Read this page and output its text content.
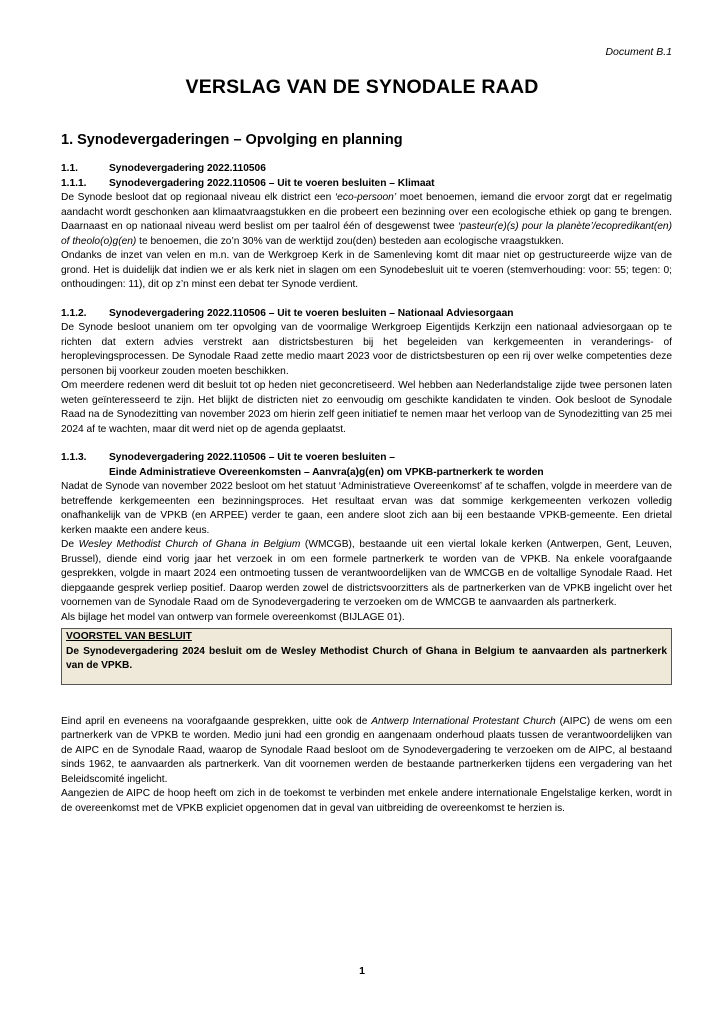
Document B.1
VERSLAG VAN DE SYNODALE RAAD
1. Synodevergaderingen – Opvolging en planning
1.1.	Synodevergadering 2022.110506
1.1.1.	Synodevergadering 2022.110506 – Uit te voeren besluiten – Klimaat

De Synode besloot dat op regionaal niveau elk district een ‘eco-persoon’ moet benoemen, iemand die ervoor zorgt dat er regelmatig aandacht wordt geschonken aan klimaatvraagstukken en die probeert een bezinning over een ecologische ethiek op gang te brengen. Daarnaast en op nationaal niveau werd beslist om per taalrol één of desgewenst twee ‘pasteur(e)(s) pour la planète’/ecopredikant(en) of theolo(o)g(en) te benoemen, die zo’n 30% van de werktijd zou(den) besteden aan ecologische vraagstukken.

Ondanks de inzet van velen en m.n. van de Werkgroep Kerk in de Samenleving komt dit maar niet op gestructureerde wijze van de grond. Het is duidelijk dat indien we er als kerk niet in slagen om een Synodebesluit uit te voeren (stemverhouding: voor: 55; tegen: 0; onthoudingen: 11), dit op z’n minst een debat ter Synode verdient.

1.1.2.	Synodevergadering 2022.110506 – Uit te voeren besluiten – Nationaal Adviesorgaan

De Synode besloot unaniem om ter opvolging van de voormalige Werkgroep Eigentijds Kerkzijn een nationaal adviesorgaan op te richten dat extern advies verstrekt aan districtsbesturen bij het begeleiden van kerkgemeenten in veranderings- of heroplevingsprocessen. De Synodale Raad zette medio maart 2023 voor de districtsbesturen op een rij over welke competenties deze personen bij voorkeur zouden moeten beschikken.

Om meerdere redenen werd dit besluit tot op heden niet geconcretiseerd. Wel hebben aan Nederlandstalige zijde twee personen laten weten geïnteresseerd te zijn. Het blijkt de districten niet zo eenvoudig om geschikte kandidaten te vinden. Ook besloot de Synodale Raad na de Synodezitting van november 2023 om hierin zelf geen initiatief te nemen maar het verloop van de Synodezitting van 25 mei 2024 af te wachten, maar dit werd niet op de agenda geplaatst.

1.1.3.	Synodevergadering 2022.110506 – Uit te voeren besluiten –
Einde Administratieve Overeenkomsten – Aanvra(a)g(en) om VPKB-partnerkerk te worden

Nadat de Synode van november 2022 besloot om het statuut ‘Administratieve Overeenkomst’ af te schaffen, volgde in meerdere van de betreffende kerkgemeenten een bezinningsproces. Het resultaat ervan was dat sommige kerkgemeenten verkozen volledig onafhankelijk van de VPKB (en ARPEE) verder te gaan, een andere sloot zich aan bij een bestaande VPKB-gemeente. Een drietal kerken maakte een andere keus.

De Wesley Methodist Church of Ghana in Belgium (WMCGB), bestaande uit een viertal lokale kerken (Antwerpen, Gent, Leuven, Brussel), diende eind vorig jaar het verzoek in om een formele partnerkerk te worden van de VPKB. Na enkele voorafgaande gesprekken, volgde in maart 2024 een ontmoeting tussen de verantwoordelijken van de WMCGB en de voltallige Synodale Raad. Het diepgaande gesprek verliep positief. Daarop werden zowel de districtsvoorzitters als de partnerkerken van de VPKB ingelicht over het voornemen van de Synodale Raad om de Synodevergadering te verzoeken om de WMCGB te aanvaarden als partnerkerk.

Als bijlage het model van ontwerp van formele overeenkomst (BIJLAGE 01).

VOORSTEL VAN BESLUIT

De Synodevergadering 2024 besluit om de Wesley Methodist Church of Ghana in Belgium te aanvaarden als partnerkerk van de VPKB.

Eind april en eveneens na voorafgaande gesprekken, uitte ook de Antwerp International Protestant Church (AIPC) de wens om een partnerkerk van de VPKB te worden. Medio juni had een grondig en aangenaam onderhoud plaats tussen de verantwoordelijken van de AIPC en de Synodale Raad, waarop de Synodale Raad besloot om de Synodevergadering te verzoeken om de AIPC, al bestaand sinds 1962, te aanvaarden als partnerkerk. Van dit voornemen werden de bestaande partnerkerken tijdens een vergadering van het Beleidscomité ingelicht.

Aangezien de AIPC de hoop heeft om zich in de toekomst te verbinden met enkele andere internationale Engelstalige kerken, wordt in de overeenkomst met de VPKB expliciet opgenomen dat in geval van uitbreiding de overeenkomst te herzien is.

1
